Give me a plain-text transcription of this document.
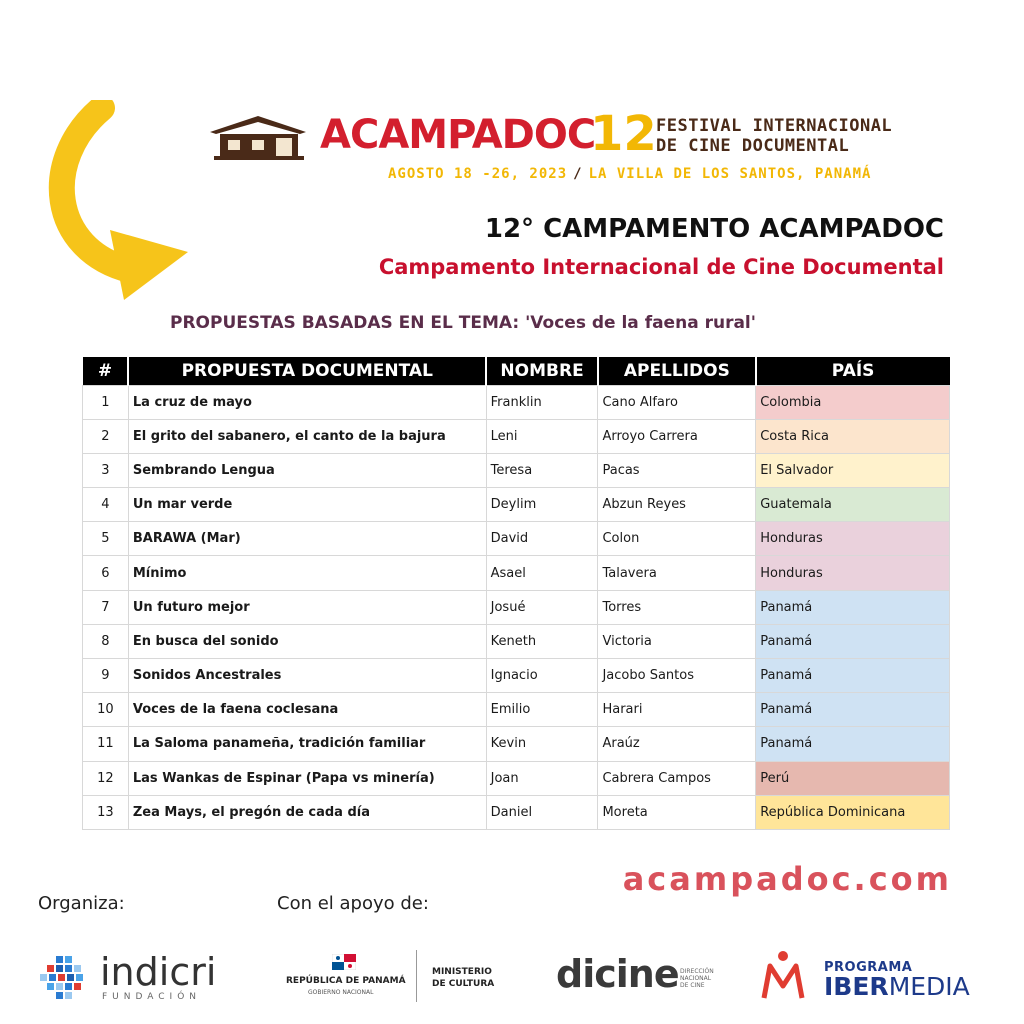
ACAMPADOC
12 FESTIVAL INTERNACIONAL
DE CINE DOCUMENTAL
AGOSTO 18 -26, 2023 / LA VILLA DE LOS SANTOS, PANAMÁ
12° CAMPAMENTO ACAMPADOC
Campamento Internacional de Cine Documental
PROPUESTAS BASADAS EN EL TEMA: 'Voces de la faena rural'
#	PROPUESTA DOCUMENTAL	NOMBRE	APELLIDOS	PAÍS
1	La cruz de mayo	Franklin	Cano Alfaro	Colombia
2	El grito del sabanero, el canto de la bajura	Leni	Arroyo Carrera	Costa Rica
3	Sembrando Lengua	Teresa	Pacas	El Salvador
4	Un mar verde	Deylim	Abzun Reyes	Guatemala
5	BARAWA (Mar)	David	Colon	Honduras
6	Mínimo	Asael	Talavera	Honduras
7	Un futuro mejor	Josué	Torres	Panamá
8	En busca del sonido	Keneth	Victoria	Panamá
9	Sonidos Ancestrales	Ignacio	Jacobo Santos	Panamá
10	Voces de la faena coclesana	Emilio	Harari	Panamá
11	La Saloma panameña, tradición familiar	Kevin	Araúz	Panamá
12	Las Wankas de Espinar (Papa vs minería)	Joan	Cabrera Campos	Perú
13	Zea Mays, el pregón de cada día	Daniel	Moreta	República Dominicana
acampadoc.com
Organiza:	Con el apoyo de:
indicri
FUNDACIÓN
REPÚBLICA DE PANAMÁ
GOBIERNO NACIONAL
MINISTERIO
DE CULTURA dicine DIRECCIÓN
NACIONAL
DE CINE
PROGRAMA
IBERMEDIA
